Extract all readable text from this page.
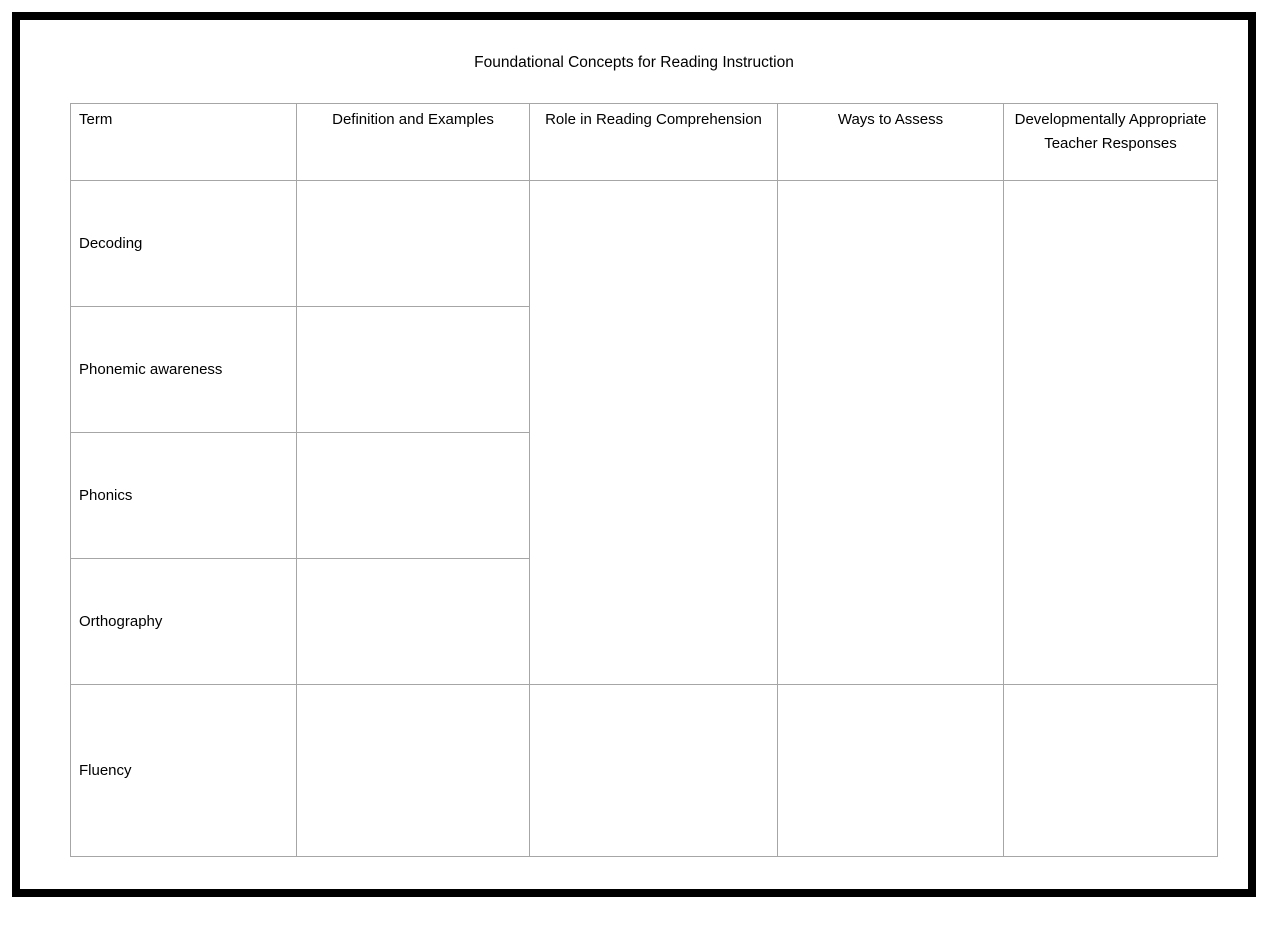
Foundational Concepts for Reading Instruction
Term	Definition and Examples	Role in Reading Comprehension	Ways to Assess	Developmentally Appropriate Teacher Responses
Decoding				
Phonemic awareness				
Phonics				
Orthography				
Fluency				
